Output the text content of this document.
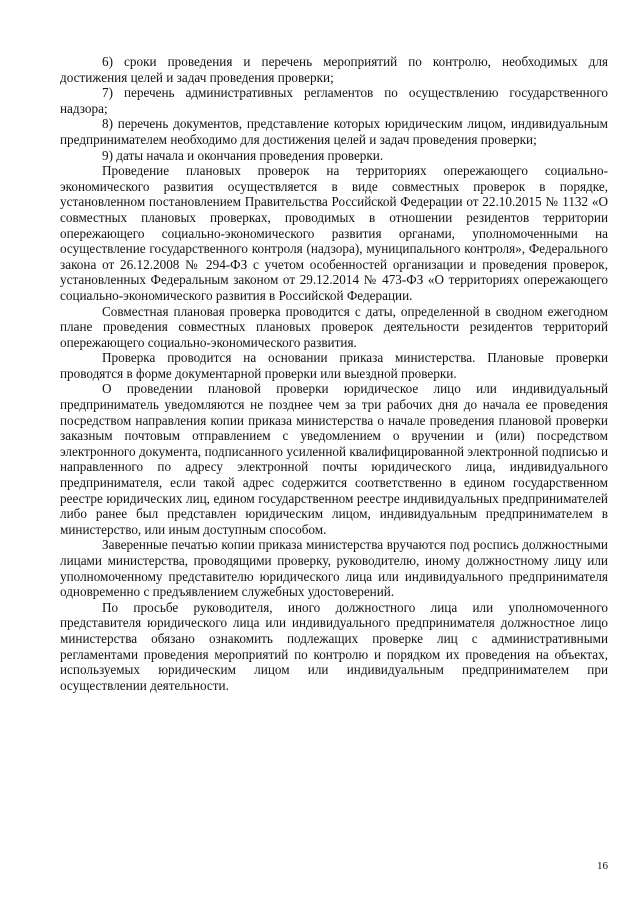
6) сроки проведения и перечень мероприятий по контролю, необходимых для достижения целей и задач проведения проверки;

7) перечень административных регламентов по осуществлению государственного надзора;

8) перечень документов, представление которых юридическим лицом, индивидуальным предпринимателем необходимо для достижения целей и задач проведения проверки;

9) даты начала и окончания проведения проверки.

Проведение плановых проверок на территориях опережающего социально-экономического развития осуществляется в виде совместных проверок в порядке, установленном постановлением Правительства Российской Федерации от 22.10.2015 № 1132 «О совместных плановых проверках, проводимых в отношении резидентов территории опережающего социально-экономического развития органами, уполномоченными на осуществление государственного контроля (надзора), муниципального контроля», Федерального закона от 26.12.2008 № 294-ФЗ с учетом особенностей организации и проведения проверок, установленных Федеральным законом от 29.12.2014 № 473-ФЗ «О территориях опережающего социально-экономического развития в Российской Федерации.

Совместная плановая проверка проводится с даты, определенной в сводном ежегодном плане проведения совместных плановых проверок деятельности резидентов территорий опережающего социально-экономического развития.

Проверка проводится на основании приказа министерства. Плановые проверки проводятся в форме документарной проверки или выездной проверки.

О проведении плановой проверки юридическое лицо или индивидуальный предприниматель уведомляются не позднее чем за три рабочих дня до начала ее проведения посредством направления копии приказа министерства о начале проведения плановой проверки заказным почтовым отправлением с уведомлением о вручении и (или) посредством электронного документа, подписанного усиленной квалифицированной электронной подписью и направленного по адресу электронной почты юридического лица, индивидуального предпринимателя, если такой адрес содержится соответственно в едином государственном реестре юридических лиц, едином государственном реестре индивидуальных предпринимателей либо ранее был представлен юридическим лицом, индивидуальным предпринимателем в министерство, или иным доступным способом.

Заверенные печатью копии приказа министерства вручаются под роспись должностными лицами министерства, проводящими проверку, руководителю, иному должностному лицу или уполномоченному представителю юридического лица или индивидуального предпринимателя одновременно с предъявлением служебных удостоверений.

По просьбе руководителя, иного должностного лица или уполномоченного представителя юридического лица или индивидуального предпринимателя должностное лицо министерства обязано ознакомить подлежащих проверке лиц с административными регламентами проведения мероприятий по контролю и порядком их проведения на объектах, используемых юридическим лицом или индивидуальным предпринимателем при осуществлении деятельности.

16
